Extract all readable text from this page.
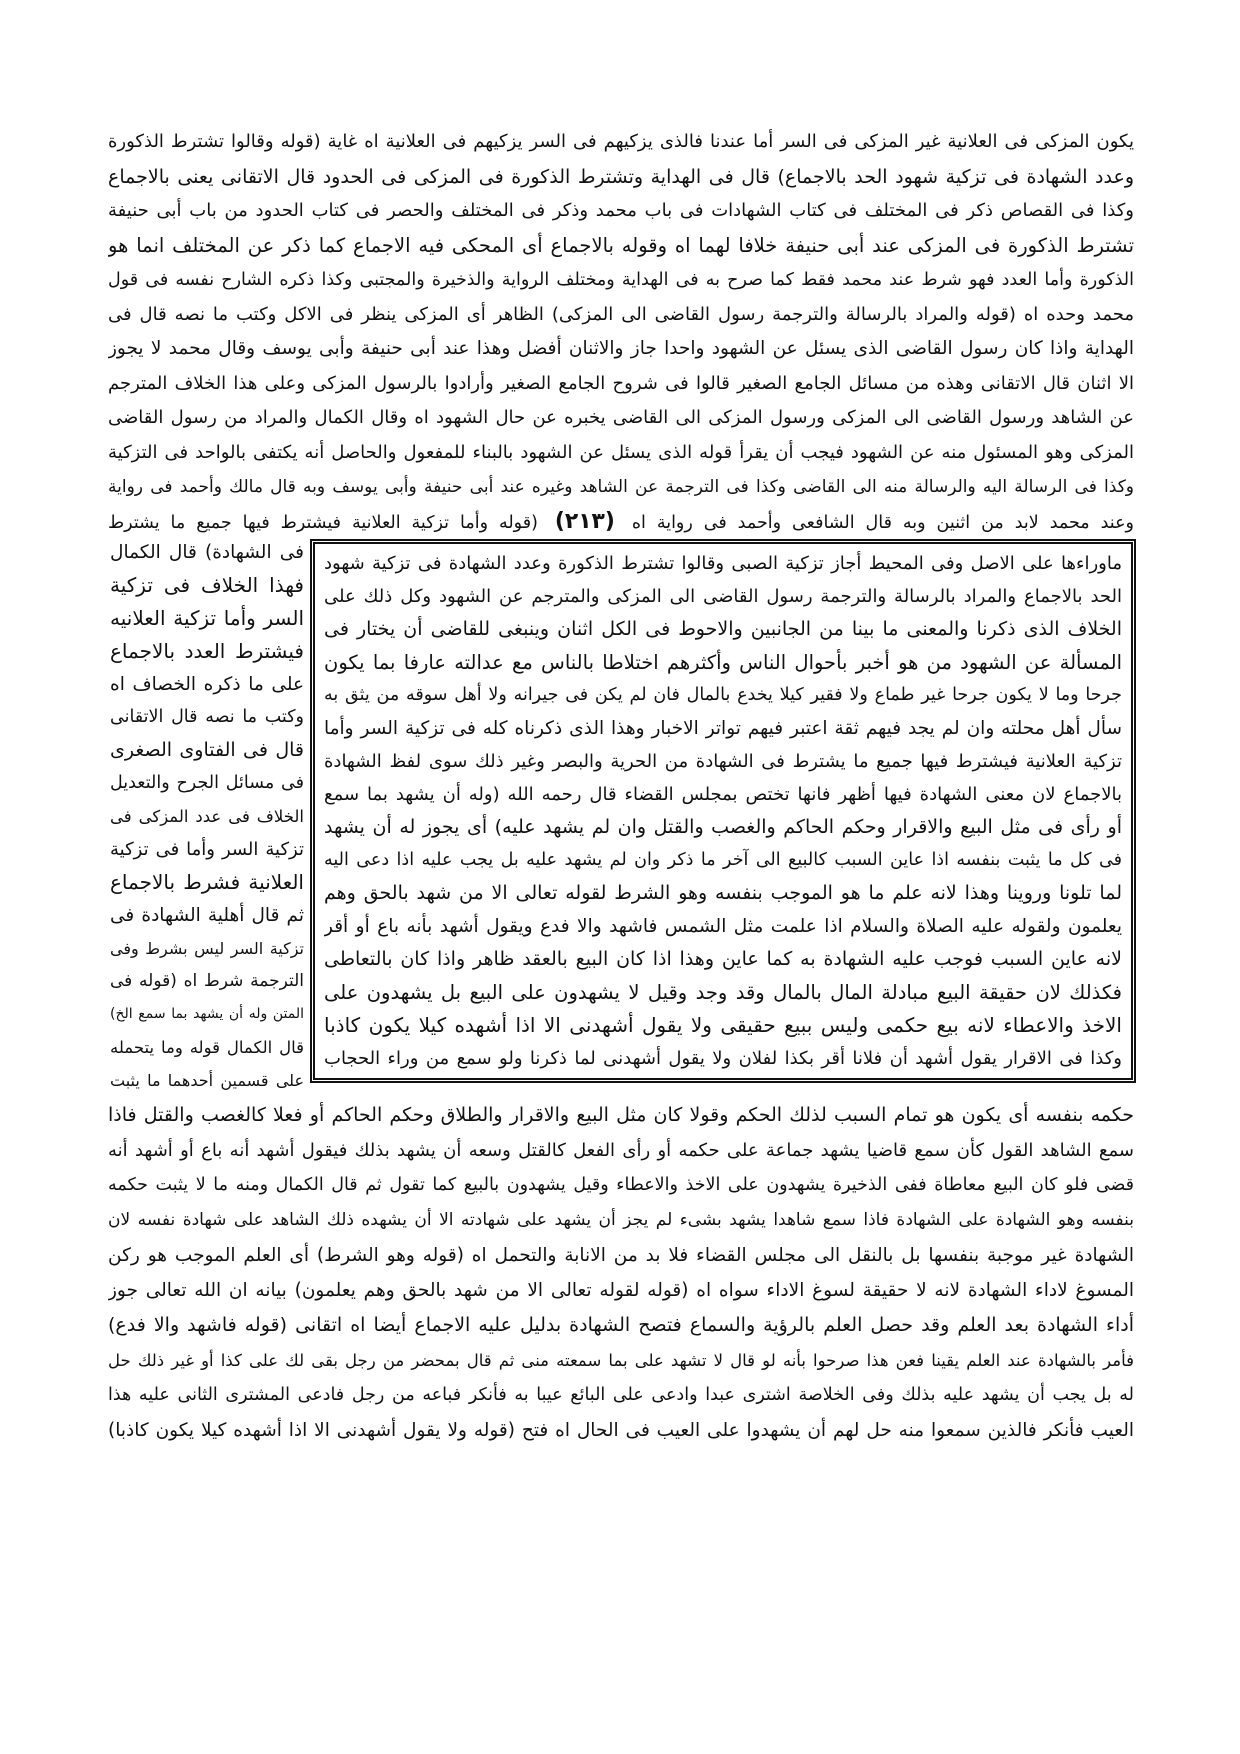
يكون المزكى فى العلانية غير المزكى فى السر أما عندنا فالذى يزكيهم فى السر يزكيهم فى العلانية اه غاية (قوله وقالوا تشترط الذكورة
وعدد الشهادة فى تزكية شهود الحد بالاجماع) قال فى الهداية وتشترط الذكورة فى المزكى فى الحدود قال الاتقانى يعنى بالاجماع
وكذا فى القصاص ذكر فى المختلف فى كتاب الشهادات فى باب محمد وذكر فى المختلف والحصر فى كتاب الحدود من باب أبى حنيفة
تشترط الذكورة فى المزكى عند أبى حنيفة خلافا لهما اه وقوله بالاجماع أى المحكى فيه الاجماع كما ذكر عن المختلف انما هو
الذكورة وأما العدد فهو شرط عند محمد فقط كما صرح به فى الهداية ومختلف الرواية والذخيرة والمجتبى وكذا ذكره الشارح نفسه فى قول
محمد وحده اه (قوله والمراد بالرسالة والترجمة رسول القاضى الى المزكى) الظاهر أى المزكى ينظر فى الاكل وكتب ما نصه قال فى
الهداية واذا كان رسول القاضى الذى يسئل عن الشهود واحدا جاز والاثنان أفضل وهذا عند أبى حنيفة وأبى يوسف وقال محمد لا يجوز
الا اثنان قال الاتقانى وهذه من مسائل الجامع الصغير قالوا فى شروح الجامع الصغير وأرادوا بالرسول المزكى وعلى هذا الخلاف المترجم
عن الشاهد ورسول القاضى الى المزكى ورسول المزكى الى القاضى يخبره عن حال الشهود اه وقال الكمال والمراد من رسول القاضى
المزكى وهو المسئول منه عن الشهود فيجب أن يقرأ قوله الذى يسئل عن الشهود بالبناء للمفعول والحاصل أنه يكتفى بالواحد فى التزكية
وكذا فى الرسالة اليه والرسالة منه الى القاضى وكذا فى الترجمة عن الشاهد وغيره عند أبى حنيفة وأبى يوسف وبه قال مالك وأحمد فى رواية
وعند محمد لابد من اثنين وبه قال الشافعى وأحمد فى رواية اه (٢١٣) (قوله وأما تزكية العلانية فيشترط فيها جميع ما يشترط
ماوراءها على الاصل وفى المحيط أجاز تزكية الصبى وقالوا تشترط الذكورة وعدد الشهادة فى تزكية شهود
الحد بالاجماع والمراد بالرسالة والترجمة رسول القاضى الى المزكى والمترجم عن الشهود وكل ذلك على
الخلاف الذى ذكرنا والمعنى ما بينا من الجانبين والاحوط فى الكل اثنان وينبغى للقاضى أن يختار فى
المسألة عن الشهود من هو أخبر بأحوال الناس وأكثرهم اختلاطا بالناس مع عدالته عارفا بما يكون
جرحا وما لا يكون جرحا غير طماع ولا فقير كيلا يخدع بالمال فان لم يكن فى جيرانه ولا أهل سوقه من يثق به
سأل أهل محلته وان لم يجد فيهم ثقة اعتبر فيهم تواتر الاخبار وهذا الذى ذكرناه كله فى تزكية السر وأما
تزكية العلانية فيشترط فيها جميع ما يشترط فى الشهادة من الحرية والبصر وغير ذلك سوى لفظ الشهادة
بالاجماع لان معنى الشهادة فيها أظهر فانها تختص بمجلس القضاء قال رحمه الله (وله أن يشهد بما سمع
أو رأى فى مثل البيع والاقرار وحكم الحاكم والغصب والقتل وان لم يشهد عليه) أى يجوز له أن يشهد
فى كل ما يثبت بنفسه اذا عاين السبب كالبيع الى آخر ما ذكر وان لم يشهد عليه بل يجب عليه اذا دعى اليه
لما تلونا وروينا وهذا لانه علم ما هو الموجب بنفسه وهو الشرط لقوله تعالى الا من شهد بالحق وهم
يعلمون ولقوله عليه الصلاة والسلام اذا علمت مثل الشمس فاشهد والا فدع ويقول أشهد بأنه باع أو أقر
لانه عاين السبب فوجب عليه الشهادة به كما عاين وهذا اذا كان البيع بالعقد ظاهر واذا كان بالتعاطى
فكذلك لان حقيقة البيع مبادلة المال بالمال وقد وجد وقيل لا يشهدون على البيع بل يشهدون على
الاخذ والاعطاء لانه بيع حكمى وليس ببيع حقيقى ولا يقول أشهدنى الا اذا أشهده كيلا يكون كاذبا
وكذا فى الاقرار يقول أشهد أن فلانا أقر بكذا لفلان ولا يقول أشهدنى لما ذكرنا ولو سمع من وراء الحجاب
فى الشهادة) قال الكمال
فهذا الخلاف فى تزكية
السر وأما تزكية العلانيه
فيشترط العدد بالاجماع
على ما ذكره الخصاف اه
وكتب ما نصه قال الاتقانى
قال فى الفتاوى الصغرى
فى مسائل الجرح والتعديل
الخلاف فى عدد المزكى فى
تزكية السر وأما فى تزكية
العلانية فشرط بالاجماع
ثم قال أهلية الشهادة فى
تزكية السر ليس بشرط وفى
الترجمة شرط اه (قوله فى
المتن وله أن يشهد بما سمع الخ)
قال الكمال قوله وما يتحمله
على قسمين أحدهما ما يثبت
حكمه بنفسه أى يكون هو تمام السبب لذلك الحكم وقولا كان مثل البيع والاقرار والطلاق وحكم الحاكم أو فعلا كالغصب والقتل فاذا
سمع الشاهد القول كأن سمع قاضيا يشهد جماعة على حكمه أو رأى الفعل كالقتل وسعه أن يشهد بذلك فيقول أشهد أنه باع أو أشهد أنه
قضى فلو كان البيع معاطاة ففى الذخيرة يشهدون على الاخذ والاعطاء وقيل يشهدون بالبيع كما تقول ثم قال الكمال ومنه ما لا يثبت حكمه
بنفسه وهو الشهادة على الشهادة فاذا سمع شاهدا يشهد بشىء لم يجز أن يشهد على شهادته الا أن يشهده ذلك الشاهد على شهادة نفسه لان
الشهادة غير موجبة بنفسها بل بالنقل الى مجلس القضاء فلا بد من الانابة والتحمل اه (قوله وهو الشرط) أى العلم الموجب هو ركن
المسوغ لاداء الشهادة لانه لا حقيقة لسوغ الاداء سواه اه (قوله لقوله تعالى الا من شهد بالحق وهم يعلمون) بيانه ان الله تعالى جوز
أداء الشهادة بعد العلم وقد حصل العلم بالرؤية والسماع فتصح الشهادة بدليل عليه الاجماع أيضا اه اتقانى (قوله فاشهد والا فدع)
فأمر بالشهادة عند العلم يقينا فعن هذا صرحوا بأنه لو قال لا تشهد على بما سمعته منى ثم قال بمحضر من رجل بقى لك على كذا أو غير ذلك حل
له بل يجب أن يشهد عليه بذلك وفى الخلاصة اشترى عبدا وادعى على البائع عيبا به فأنكر فباعه من رجل فادعى المشترى الثانى عليه هذا
العيب فأنكر فالذين سمعوا منه حل لهم أن يشهدوا على العيب فى الحال اه فتح (قوله ولا يقول أشهدنى الا اذا أشهده كيلا يكون كاذبا)
